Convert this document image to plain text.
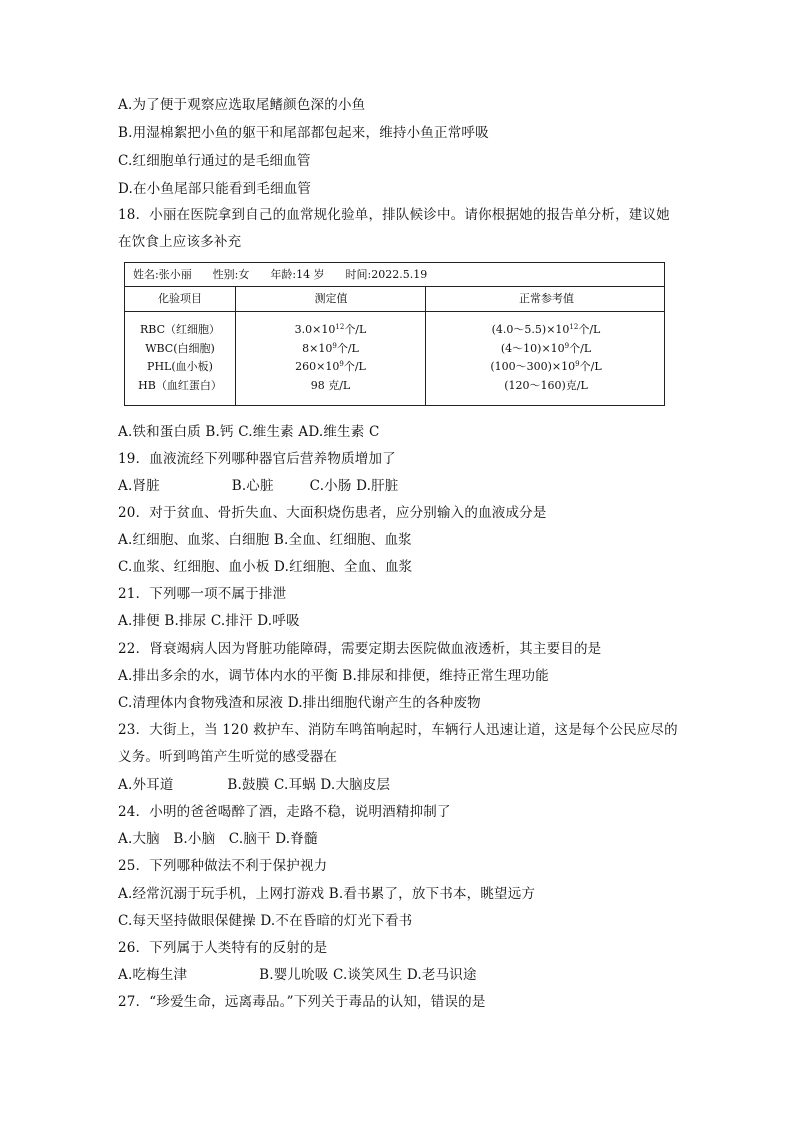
A.为了便于观察应选取尾鳍颜色深的小鱼
B.用湿棉絮把小鱼的躯干和尾部都包起来，维持小鱼正常呼吸
C.红细胞单行通过的是毛细血管
D.在小鱼尾部只能看到毛细血管
18．小丽在医院拿到自己的血常规化验单，排队候诊中。请你根据她的报告单分析，建议她
在饮食上应该多补充
姓名:张小丽      性别:女      年龄:14 岁      时间:2022.5.19
化验项目	测定值	正常参考值
RBC（红细胞）
WBC(白细胞)
PHL(血小板)
HB（血红蛋白）
$3.0\times 10^{12}$个/L
$8\times 10^9$个/L
$260\times 10^9$个/L
98 克/L
$(4.0\sim 5.5)\times 10^{12}$个/L
$(4\sim 10)\times 10^9$个/L
$(100\sim 300)\times 10^9$个/L
(120～160)克/L
A.铁和蛋白质 B.钙 C.维生素 AD.维生素 C
19．血液流经下列哪种器官后营养物质增加了
A.肾脏                B.心脏        C.小肠 D.肝脏
20．对于贫血、骨折失血、大面积烧伤患者，应分别输入的血液成分是
A.红细胞、血浆、白细胞 B.全血、红细胞、血浆
C.血浆、红细胞、血小板 D.红细胞、全血、血浆
21．下列哪一项不属于排泄
A.排便 B.排尿 C.排汗 D.呼吸
22．肾衰竭病人因为肾脏功能障碍，需要定期去医院做血液透析，其主要目的是
A.排出多余的水，调节体内水的平衡 B.排尿和排便，维持正常生理功能
C.清理体内食物残渣和尿液 D.排出细胞代谢产生的各种废物
23．大街上，当 120 救护车、消防车鸣笛响起时，车辆行人迅速让道，这是每个公民应尽的
义务。听到鸣笛产生听觉的感受器在
A.外耳道            B.鼓膜 C.耳蜗 D.大脑皮层
24．小明的爸爸喝醉了酒，走路不稳，说明酒精抑制了
A.大脑   B.小脑   C.脑干 D.脊髓
25．下列哪种做法不利于保护视力
A.经常沉溺于玩手机，上网打游戏 B.看书累了，放下书本，眺望远方
C.每天坚持做眼保健操 D.不在昏暗的灯光下看书
26．下列属于人类特有的反射的是
A.吃梅生津                B.婴儿吮吸 C.谈笑风生 D.老马识途
27．“珍爱生命，远离毒品。”下列关于毒品的认知，错误的是
